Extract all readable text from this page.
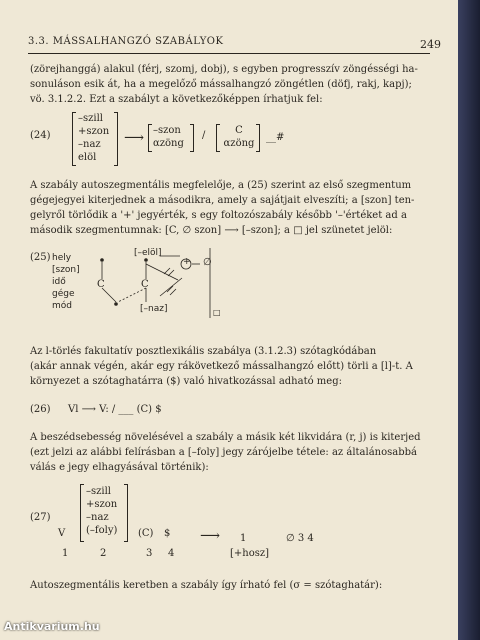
3.3. MÁSSALHANGZÓ SZABÁLYOK	249
(zörejhanggá) alakul (férj, szomj, dobj), s egyben progresszív zöngésségi ha-
sonuláson esik át, ha a megelőző mássalhangzó zöngétlen (döfj, rakj, kapj);
vö. 3.1.2.2. Ezt a szabályt a következőképpen írhatjuk fel:
(24)
–szill
+szon
–naz
elöl
⟶ –szon
αzöng
/	C
αzöng
__#
A szabály autoszegmentális megfelelője, a (25) szerint az első szegmentum
gégejegyei kiterjednek a másodikra, amely a sajátjait elveszíti; a [szon] ten-
gelyről törlődik a '+' jegyérték, s egy foltozószabály később '–'értéket ad a
második szegmentumnak: [C, ∅ szon] ⟶ [–szon]; a □ jel szünetet jelöl:
(25) hely
[szon]
idő
gége
mód
[–elöl]
+ ∅
C	C
[–naz]	□
Az l-törlés fakultatív posztlexikális szabálya (3.1.2.3) szótagkódában
(akár annak végén, akár egy rákövetkező mássalhangzó előtt) törli a [l]-t. A
környezet a szótaghatárra ($) való hivatkozással adható meg:
(26) Vl ⟶ V: / ___ (C) $
A beszédsebesség növelésével a szabály a másik két likvidára (r, j) is kiterjed
(ezt jelzi az alábbi felírásban a [–foly] jegy zárójelbe tétele: az általánosabbá
válás e jegy elhagyásával történik):
(27)
V
–szill
+szon
–naz
(–foly) (C) $ ⟶ 1	∅ 3 4
1	2	3 4	[+hosz]
Autoszegmentális keretben a szabály így írható fel (σ = szótaghatár):
Antikvarium.hu
